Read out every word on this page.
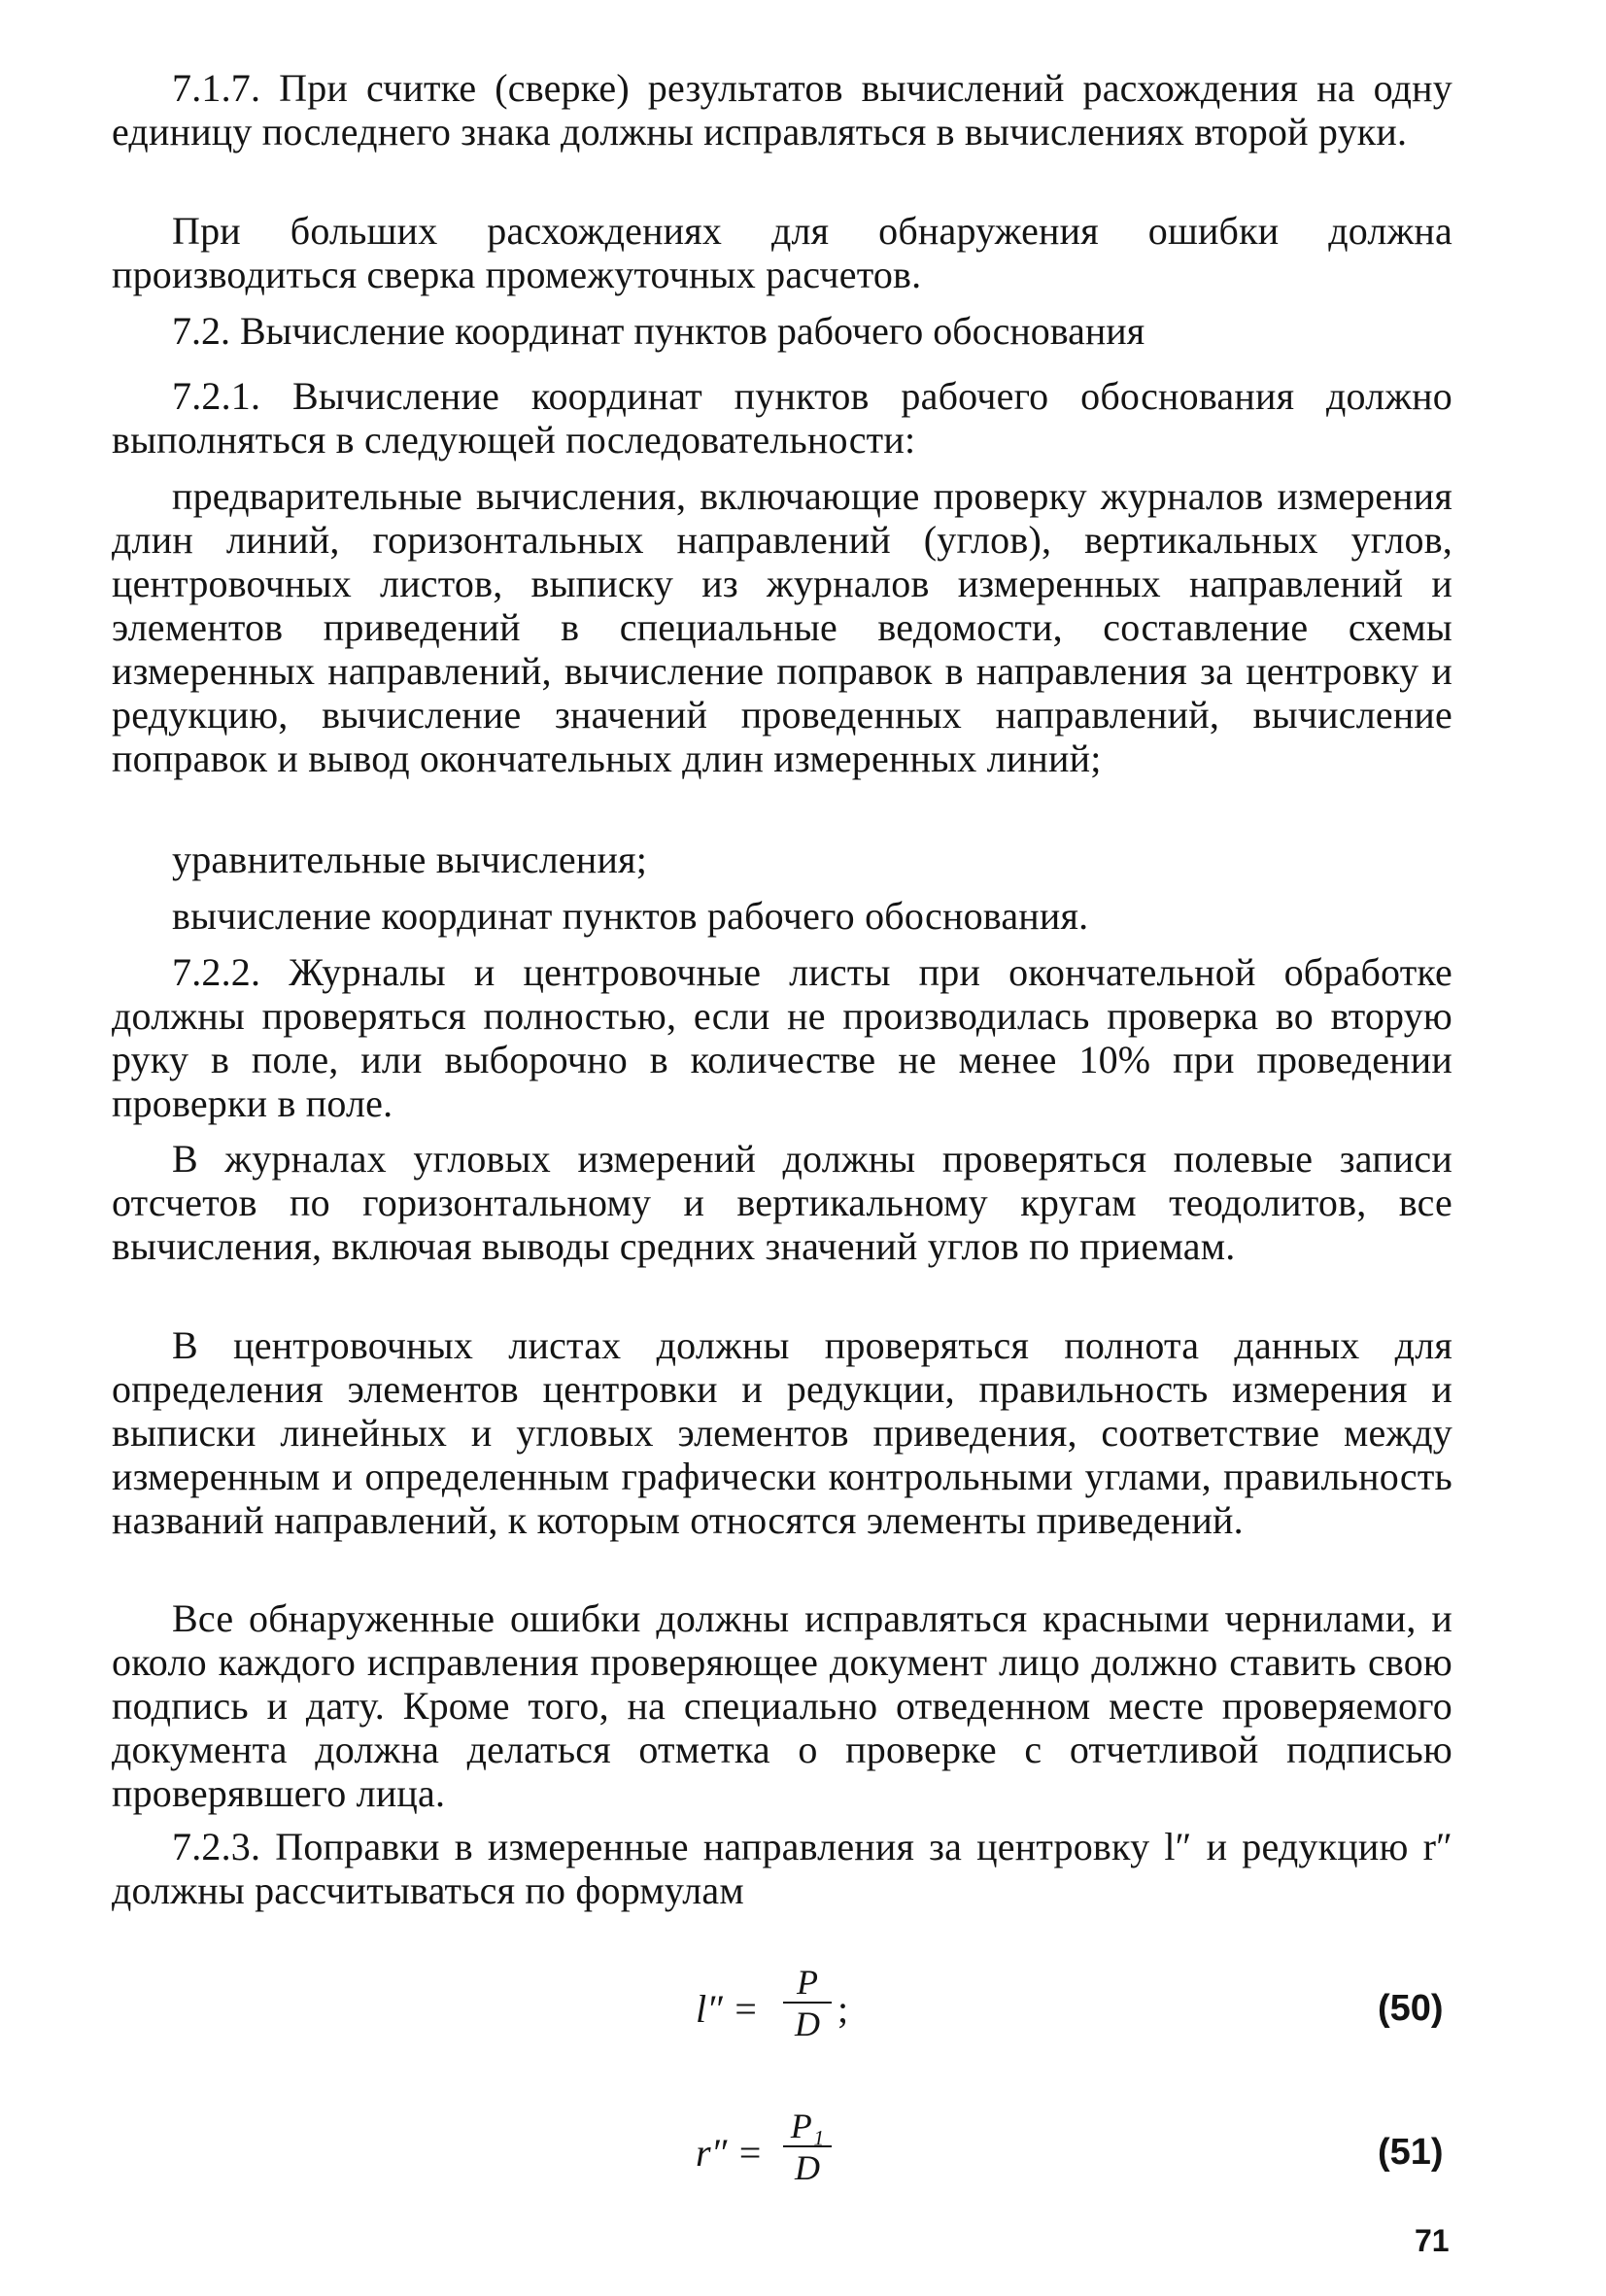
7.1.7. При считке (сверке) результатов вычислений расхождения на одну единицу последнего знака должны исправляться в вычислениях второй руки.

При больших расхождениях для обнаружения ошибки должна производиться сверка промежуточных расчетов.

7.2. Вычисление координат пунктов рабочего обоснования

7.2.1. Вычисление координат пунктов рабочего обоснования должно выполняться в следующей последовательности:

предварительные вычисления, включающие проверку журналов измерения длин линий, горизонтальных направлений (углов), вертикальных углов, центровочных листов, выписку из журналов измеренных направлений и элементов приведений в специальные ведомости, составление схемы измеренных направлений, вычисление поправок в направления за центровку и редукцию, вычисление значений проведенных направлений, вычисление поправок и вывод окончательных длин измеренных линий;

уравнительные вычисления;

вычисление координат пунктов рабочего обоснования.

7.2.2. Журналы и центровочные листы при окончательной обработке должны проверяться полностью, если не производилась проверка во вторую руку в поле, или выборочно в количестве не менее 10% при проведении проверки в поле.

В журналах угловых измерений должны проверяться полевые записи отсчетов по горизонтальному и вертикальному кругам теодолитов, все вычисления, включая выводы средних значений углов по приемам.

В центровочных листах должны проверяться полнота данных для определения элементов центровки и редукции, правильность измерения и выписки линейных и угловых элементов приведения, соответствие между измеренным и определенным графически контрольными углами, правильность названий направлений, к которым относятся элементы приведений.

Все обнаруженные ошибки должны исправляться красными чернилами, и около каждого исправления проверяющее документ лицо должно ставить свою подпись и дату. Кроме того, на специально отведенном месте проверяемого документа должна делаться отметка о проверке с отчетливой подписью проверявшего лица.

7.2.3. Поправки в измеренные направления за центровку l″ и редукцию r″ должны рассчитываться по формулам

$l'' = \frac{P}{D}$ ;	(50)
$r'' = \frac{\text{P₁}}{D}$	(51)
71
